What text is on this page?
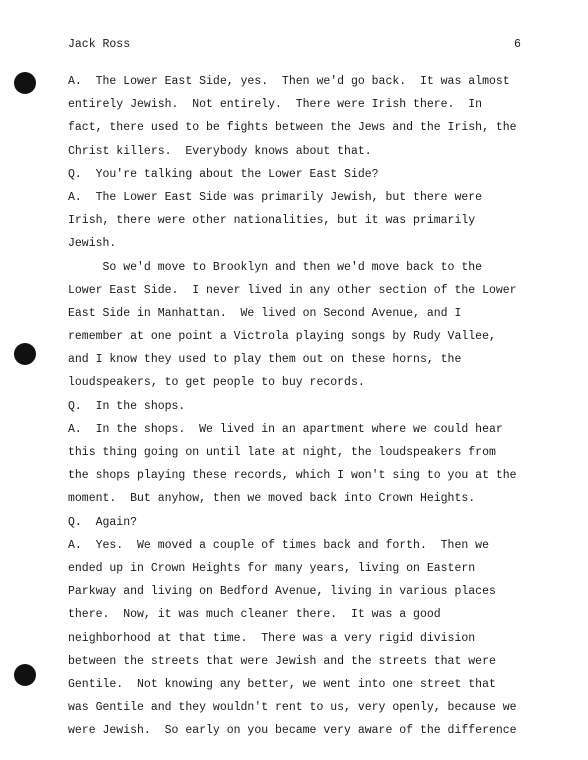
Jack Ross	6
A.  The Lower East Side, yes.  Then we'd go back.  It was almost
entirely Jewish.  Not entirely.  There were Irish there.  In
fact, there used to be fights between the Jews and the Irish, the
Christ killers.  Everybody knows about that.
Q.  You're talking about the Lower East Side?
A.  The Lower East Side was primarily Jewish, but there were
Irish, there were other nationalities, but it was primarily
Jewish.
So we'd move to Brooklyn and then we'd move back to the
Lower East Side.  I never lived in any other section of the Lower
East Side in Manhattan.  We lived on Second Avenue, and I
remember at one point a Victrola playing songs by Rudy Vallee,
and I know they used to play them out on these horns, the
loudspeakers, to get people to buy records.
Q.  In the shops.
A.  In the shops.  We lived in an apartment where we could hear
this thing going on until late at night, the loudspeakers from
the shops playing these records, which I won't sing to you at the
moment.  But anyhow, then we moved back into Crown Heights.
Q.  Again?
A.  Yes.  We moved a couple of times back and forth.  Then we
ended up in Crown Heights for many years, living on Eastern
Parkway and living on Bedford Avenue, living in various places
there.  Now, it was much cleaner there.  It was a good
neighborhood at that time.  There was a very rigid division
between the streets that were Jewish and the streets that were
Gentile.  Not knowing any better, we went into one street that
was Gentile and they wouldn't rent to us, very openly, because we
were Jewish.  So early on you became very aware of the difference
